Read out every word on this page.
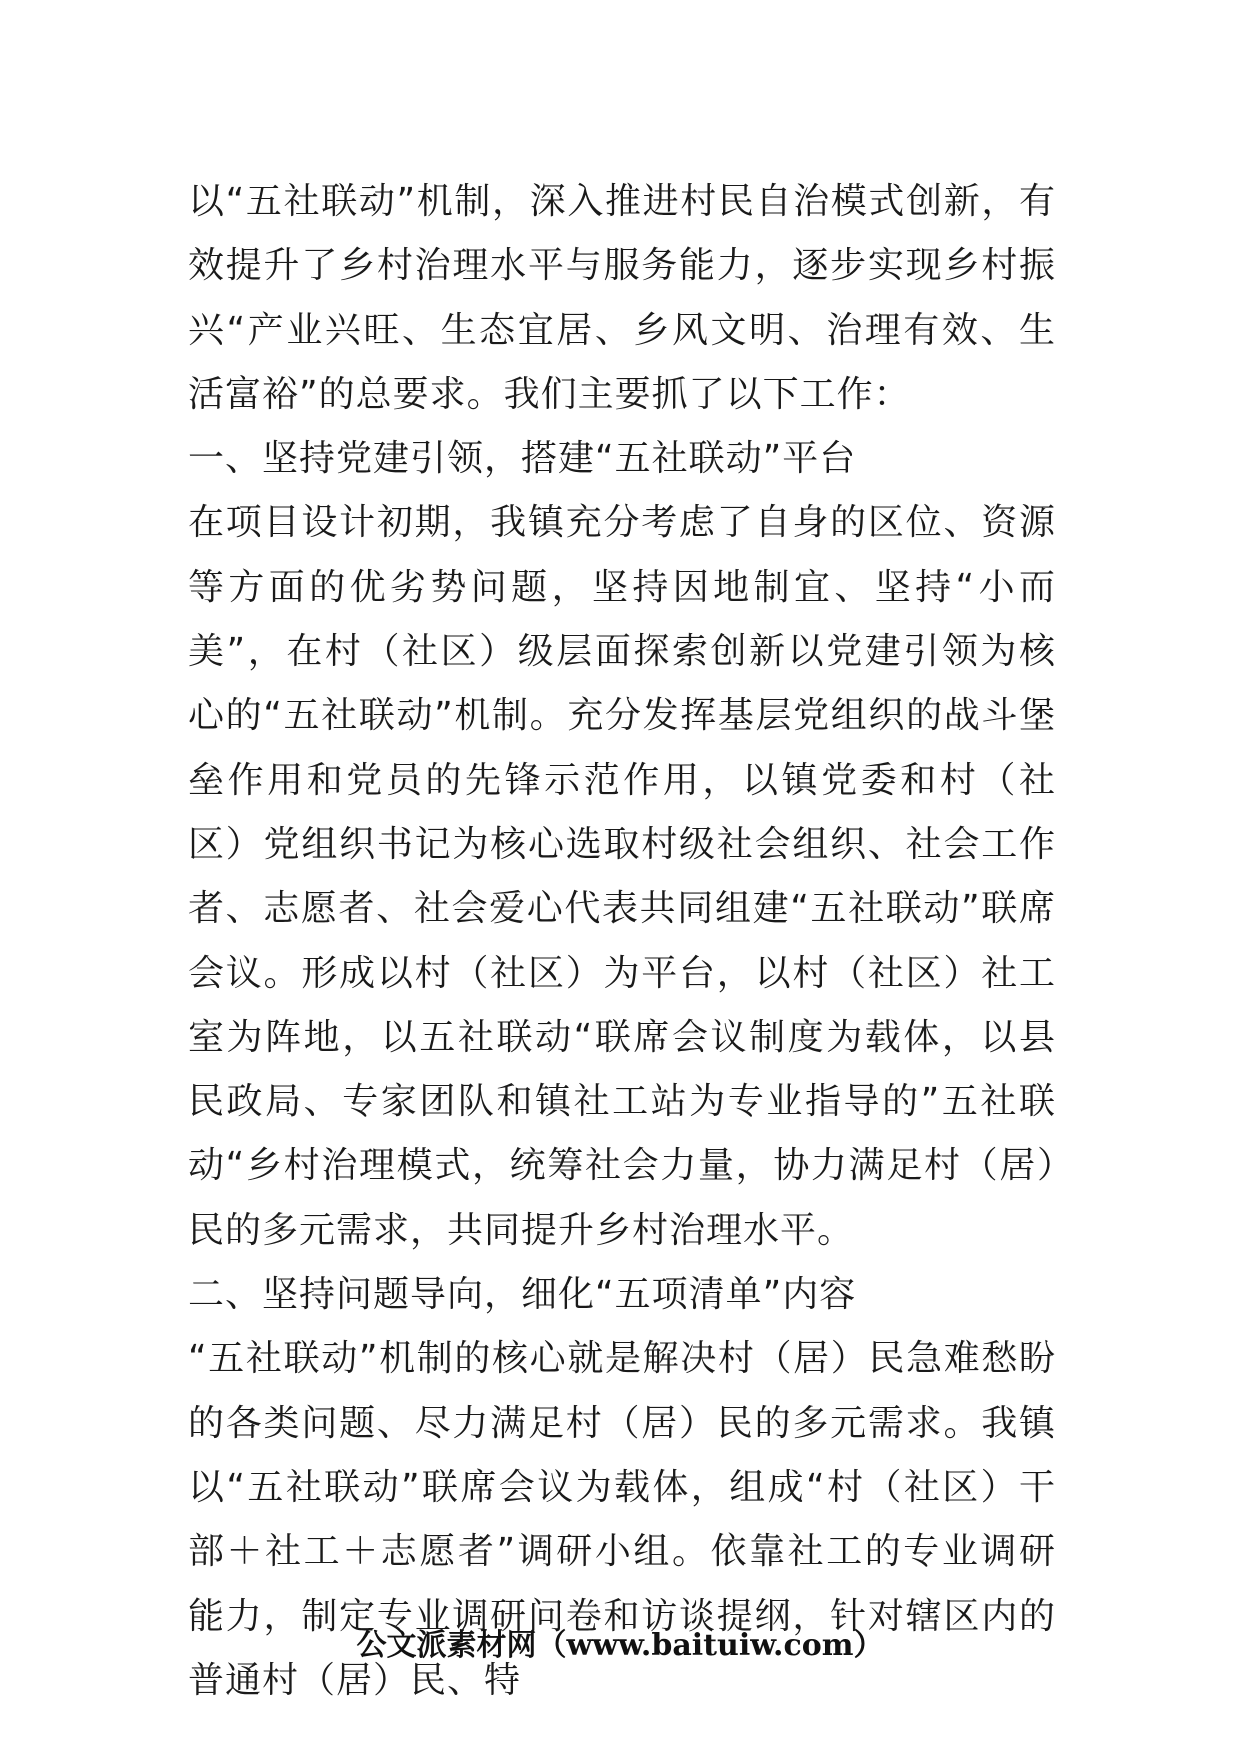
以“五社联动”机制，深入推进村民自治模式创新，有效提升了乡村治理水平与服务能力，逐步实现乡村振兴“产业兴旺、生态宜居、乡风文明、治理有效、生活富裕”的总要求。我们主要抓了以下工作：

一、坚持党建引领，搭建“五社联动”平台

在项目设计初期，我镇充分考虑了自身的区位、资源等方面的优劣势问题，坚持因地制宜、坚持“小而美”，在村（社区）级层面探索创新以党建引领为核心的“五社联动”机制。充分发挥基层党组织的战斗堡垒作用和党员的先锋示范作用，以镇党委和村（社区）党组织书记为核心选取村级社会组织、社会工作者、志愿者、社会爱心代表共同组建“五社联动”联席会议。形成以村（社区）为平台，以村（社区）社工室为阵地，以五社联动“联席会议制度为载体，以县民政局、专家团队和镇社工站为专业指导的”五社联动“乡村治理模式，统筹社会力量，协力满足村（居）民的多元需求，共同提升乡村治理水平。

二、坚持问题导向，细化“五项清单”内容

“五社联动”机制的核心就是解决村（居）民急难愁盼的各类问题、尽力满足村（居）民的多元需求。我镇以“五社联动”联席会议为载体，组成“村（社区）干部＋社工＋志愿者”调研小组。依靠社工的专业调研能力，制定专业调研问卷和访谈提纲，针对辖区内的普通村（居）民、特

公文派素材网（www.baituiw.com）
